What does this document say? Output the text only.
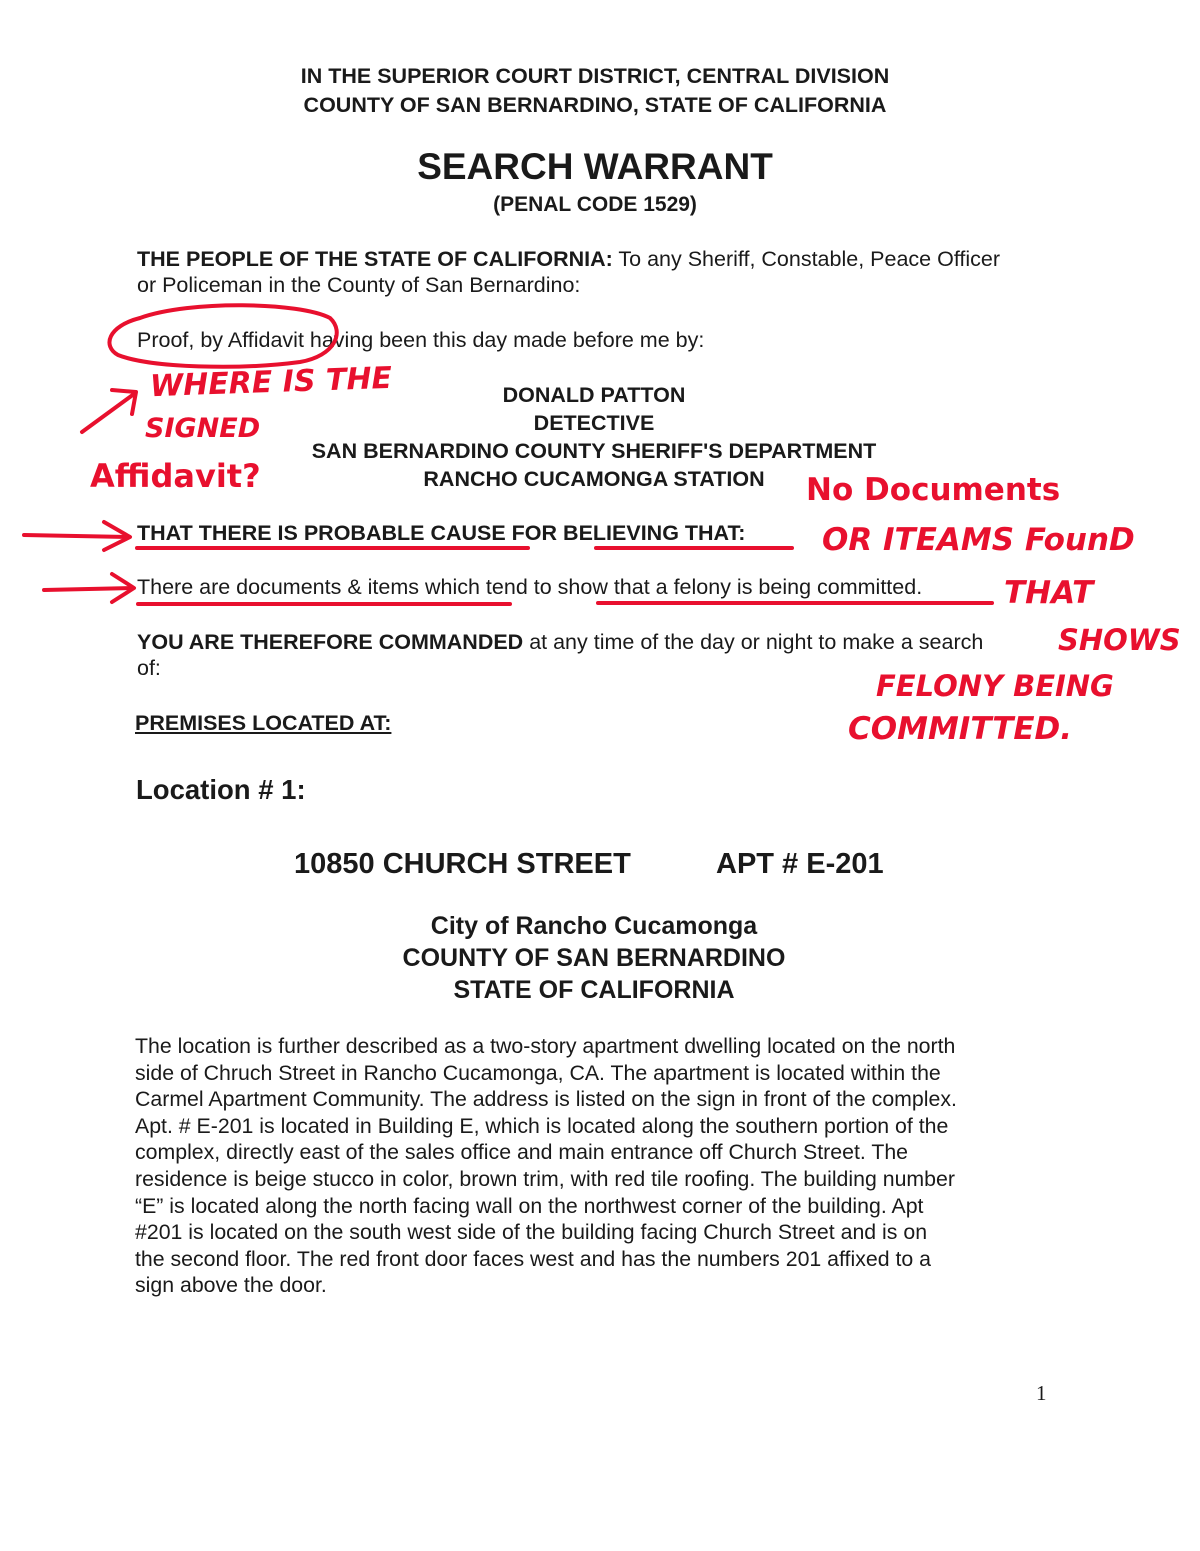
IN THE SUPERIOR COURT DISTRICT, CENTRAL DIVISION
COUNTY OF SAN BERNARDINO, STATE OF CALIFORNIA
SEARCH WARRANT
(PENAL CODE 1529)
THE PEOPLE OF THE STATE OF CALIFORNIA: To any Sheriff, Constable, Peace Officer
or Policeman in the County of San Bernardino:
Proof, by Affidavit having been this day made before me by:
DONALD PATTON
DETECTIVE
SAN BERNARDINO COUNTY SHERIFF'S DEPARTMENT
RANCHO CUCAMONGA STATION
THAT THERE IS PROBABLE CAUSE FOR BELIEVING THAT:
There are documents & items which tend to show that a felony is being committed.
YOU ARE THEREFORE COMMANDED at any time of the day or night to make a search
of:
PREMISES LOCATED AT:
Location # 1:
10850 CHURCH STREET	APT # E-201
City of Rancho Cucamonga
COUNTY OF SAN BERNARDINO
STATE OF CALIFORNIA
The location is further described as a two-story apartment dwelling located on the north
side of Chruch Street in Rancho Cucamonga, CA. The apartment is located within the
Carmel Apartment Community. The address is listed on the sign in front of the complex.
Apt. # E-201 is located in Building E, which is located along the southern portion of the
complex, directly east of the sales office and main entrance off Church Street. The
residence is beige stucco in color, brown trim, with red tile roofing. The building number
“E” is located along the north facing wall on the northwest corner of the building. Apt
#201 is located on the south west side of the building facing Church Street and is on
the second floor. The red front door faces west and has the numbers 201 affixed to a
sign above the door.
1
WHERE IS THE
SIGNED
Affidavit?	No Documents
OR ITEAMS FounD
THAT
SHOWS
FELONY BEING
COMMITTED.
